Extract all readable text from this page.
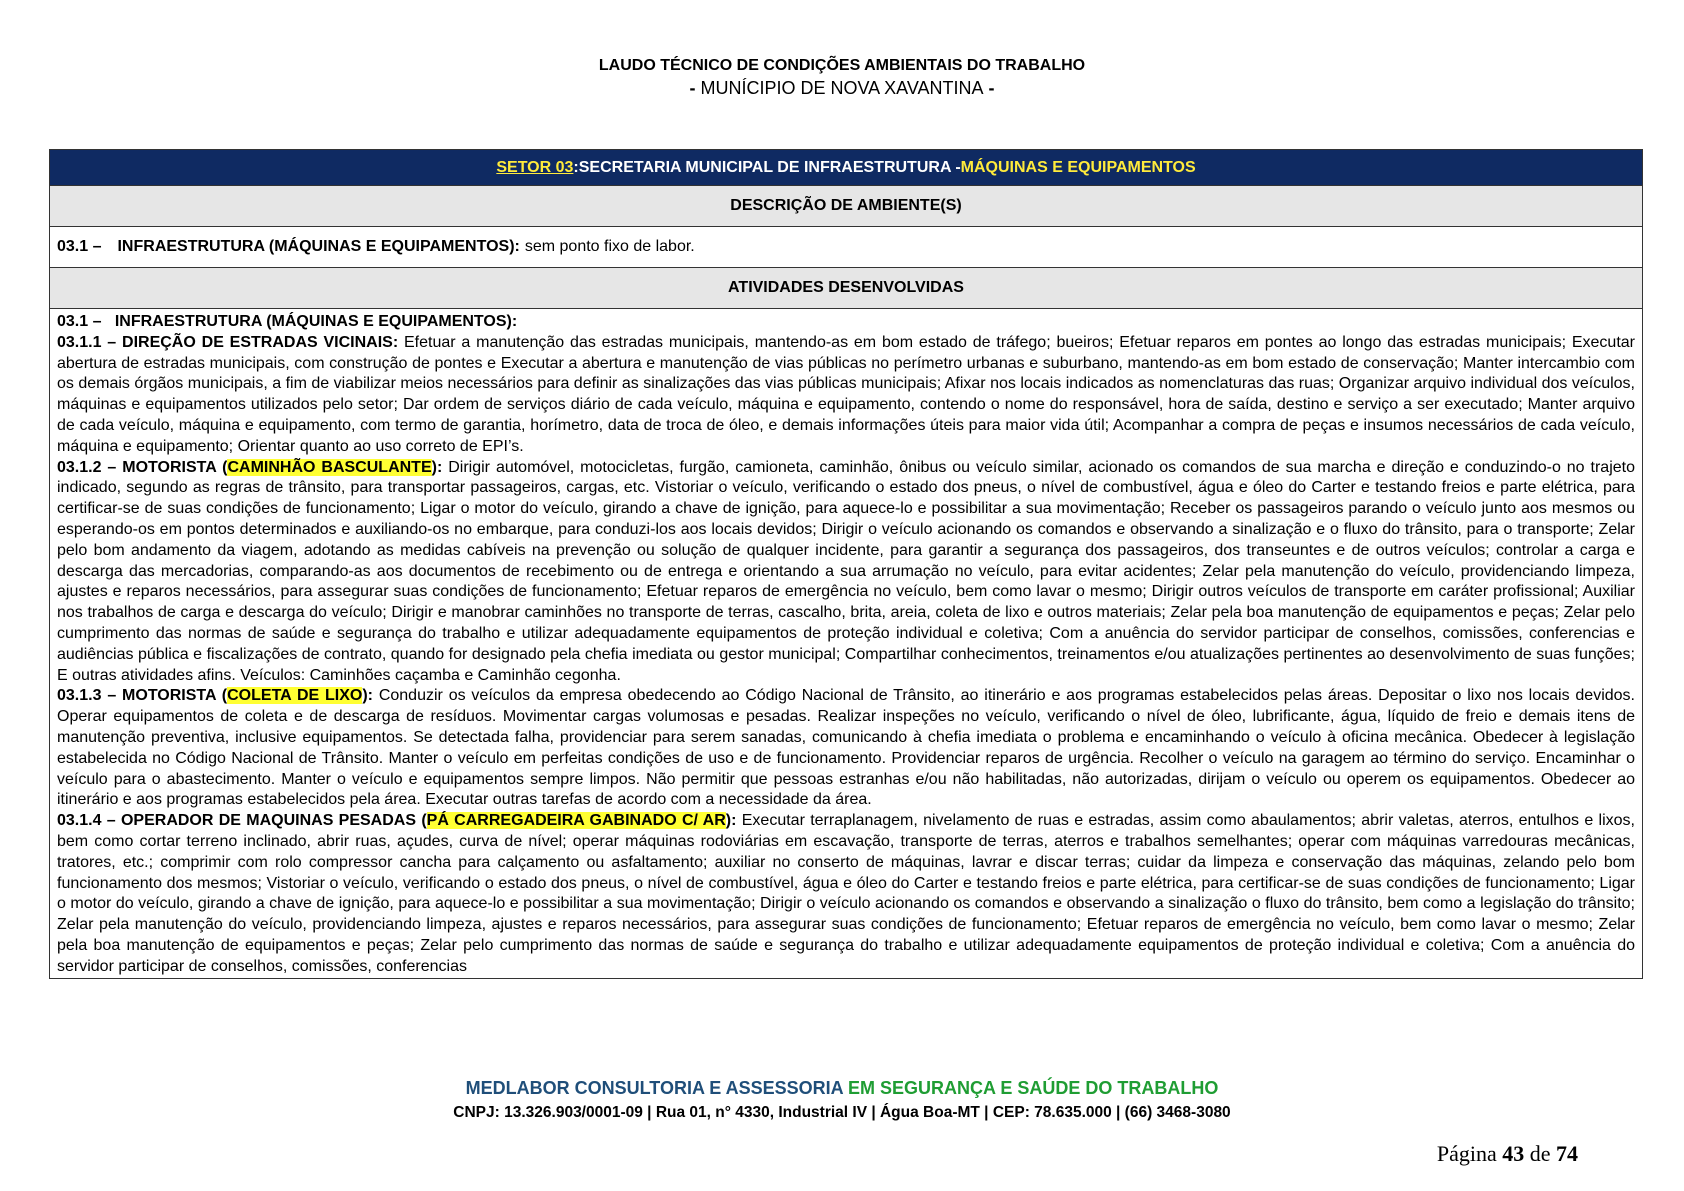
LAUDO TÉCNICO DE CONDIÇÕES AMBIENTAIS DO TRABALHO
- MUNÍCIPIO DE NOVA XAVANTINA -
SETOR 03 : SECRETARIA MUNICIPAL DE INFRAESTRUTURA - MÁQUINAS E EQUIPAMENTOS
DESCRIÇÃO DE AMBIENTE(S)
03.1 – INFRAESTRUTURA (MÁQUINAS E EQUIPAMENTOS): sem ponto fixo de labor.
ATIVIDADES DESENVOLVIDAS

03.1 –   INFRAESTRUTURA (MÁQUINAS E EQUIPAMENTOS):

03.1.1 – DIREÇÃO DE ESTRADAS VICINAIS: Efetuar a manutenção das estradas municipais, mantendo-as em bom estado de tráfego; bueiros; Efetuar reparos em pontes ao longo das estradas municipais; Executar abertura de estradas municipais, com construção de pontes e Executar a abertura e manutenção de vias públicas no perímetro urbanas e suburbano, mantendo-as em bom estado de conservação; Manter intercambio com os demais órgãos municipais, a fim de viabilizar meios necessários para definir as sinalizações das vias públicas municipais; Afixar nos locais indicados as nomenclaturas das ruas; Organizar arquivo individual dos veículos, máquinas e equipamentos utilizados pelo setor; Dar ordem de serviços diário de cada veículo, máquina e equipamento, contendo o nome do responsável, hora de saída, destino e serviço a ser executado; Manter arquivo de cada veículo, máquina e equipamento, com termo de garantia, horímetro, data de troca de óleo, e demais informações úteis para maior vida útil; Acompanhar a compra de peças e insumos necessários de cada veículo, máquina e equipamento; Orientar quanto ao uso correto de EPI’s.

03.1.2 – MOTORISTA (CAMINHÃO BASCULANTE): Dirigir automóvel, motocicletas, furgão, camioneta, caminhão, ônibus ou veículo similar, acionado os comandos de sua marcha e direção e conduzindo-o no trajeto indicado, segundo as regras de trânsito, para transportar passageiros, cargas, etc. Vistoriar o veículo, verificando o estado dos pneus, o nível de combustível, água e óleo do Carter e testando freios e parte elétrica, para certificar-se de suas condições de funcionamento; Ligar o motor do veículo, girando a chave de ignição, para aquece-lo e possibilitar a sua movimentação; Receber os passageiros parando o veículo junto aos mesmos ou esperando-os em pontos determinados e auxiliando-os no embarque, para conduzi-los aos locais devidos; Dirigir o veículo acionando os comandos e observando a sinalização e o fluxo do trânsito, para o transporte; Zelar pelo bom andamento da viagem, adotando as medidas cabíveis na prevenção ou solução de qualquer incidente, para garantir a segurança dos passageiros, dos transeuntes e de outros veículos; controlar a carga e descarga das mercadorias, comparando-as aos documentos de recebimento ou de entrega e orientando a sua arrumação no veículo, para evitar acidentes; Zelar pela manutenção do veículo, providenciando limpeza, ajustes e reparos necessários, para assegurar suas condições de funcionamento; Efetuar reparos de emergência no veículo, bem como lavar o mesmo; Dirigir outros veículos de transporte em caráter profissional; Auxiliar nos trabalhos de carga e descarga do veículo; Dirigir e manobrar caminhões no transporte de terras, cascalho, brita, areia, coleta de lixo e outros materiais; Zelar pela boa manutenção de equipamentos e peças; Zelar pelo cumprimento das normas de saúde e segurança do trabalho e utilizar adequadamente equipamentos de proteção individual e coletiva; Com a anuência do servidor participar de conselhos, comissões, conferencias e audiências pública e fiscalizações de contrato, quando for designado pela chefia imediata ou gestor municipal; Compartilhar conhecimentos, treinamentos e/ou atualizações pertinentes ao desenvolvimento de suas funções; E outras atividades afins. Veículos: Caminhões caçamba e Caminhão cegonha.

03.1.3 – MOTORISTA (COLETA DE LIXO): Conduzir os veículos da empresa obedecendo ao Código Nacional de Trânsito, ao itinerário e aos programas estabelecidos pelas áreas. Depositar o lixo nos locais devidos. Operar equipamentos de coleta e de descarga de resíduos. Movimentar cargas volumosas e pesadas. Realizar inspeções no veículo, verificando o nível de óleo, lubrificante, água, líquido de freio e demais itens de manutenção preventiva, inclusive equipamentos. Se detectada falha, providenciar para serem sanadas, comunicando à chefia imediata o problema e encaminhando o veículo à oficina mecânica. Obedecer à legislação estabelecida no Código Nacional de Trânsito. Manter o veículo em perfeitas condições de uso e de funcionamento. Providenciar reparos de urgência. Recolher o veículo na garagem ao término do serviço. Encaminhar o veículo para o abastecimento. Manter o veículo e equipamentos sempre limpos. Não permitir que pessoas estranhas e/ou não habilitadas, não autorizadas, dirijam o veículo ou operem os equipamentos. Obedecer ao itinerário e aos programas estabelecidos pela área. Executar outras tarefas de acordo com a necessidade da área.

03.1.4 – OPERADOR DE MAQUINAS PESADAS (PÁ CARREGADEIRA GABINADO C/ AR): Executar terraplanagem, nivelamento de ruas e estradas, assim como abaulamentos; abrir valetas, aterros, entulhos e lixos, bem como cortar terreno inclinado, abrir ruas, açudes, curva de nível; operar máquinas rodoviárias em escavação, transporte de terras, aterros e trabalhos semelhantes; operar com máquinas varredouras mecânicas, tratores, etc.; comprimir com rolo compressor cancha para calçamento ou asfaltamento; auxiliar no conserto de máquinas, lavrar e discar terras; cuidar da limpeza e conservação das máquinas, zelando pelo bom funcionamento dos mesmos; Vistoriar o veículo, verificando o estado dos pneus, o nível de combustível, água e óleo do Carter e testando freios e parte elétrica, para certificar-se de suas condições de funcionamento; Ligar o motor do veículo, girando a chave de ignição, para aquece-lo e possibilitar a sua movimentação; Dirigir o veículo acionando os comandos e observando a sinalização o fluxo do trânsito, bem como a legislação do trânsito; Zelar pela manutenção do veículo, providenciando limpeza, ajustes e reparos necessários, para assegurar suas condições de funcionamento; Efetuar reparos de emergência no veículo, bem como lavar o mesmo; Zelar pela boa manutenção de equipamentos e peças; Zelar pelo cumprimento das normas de saúde e segurança do trabalho e utilizar adequadamente equipamentos de proteção individual e coletiva; Com a anuência do servidor participar de conselhos, comissões, conferencias

MEDLABOR CONSULTORIA E ASSESSORIA EM SEGURANÇA E SAÚDE DO TRABALHO
CNPJ: 13.326.903/0001-09 | Rua 01, n° 4330, Industrial IV | Água Boa-MT | CEP: 78.635.000 | (66) 3468-3080
Página 43 de 74
